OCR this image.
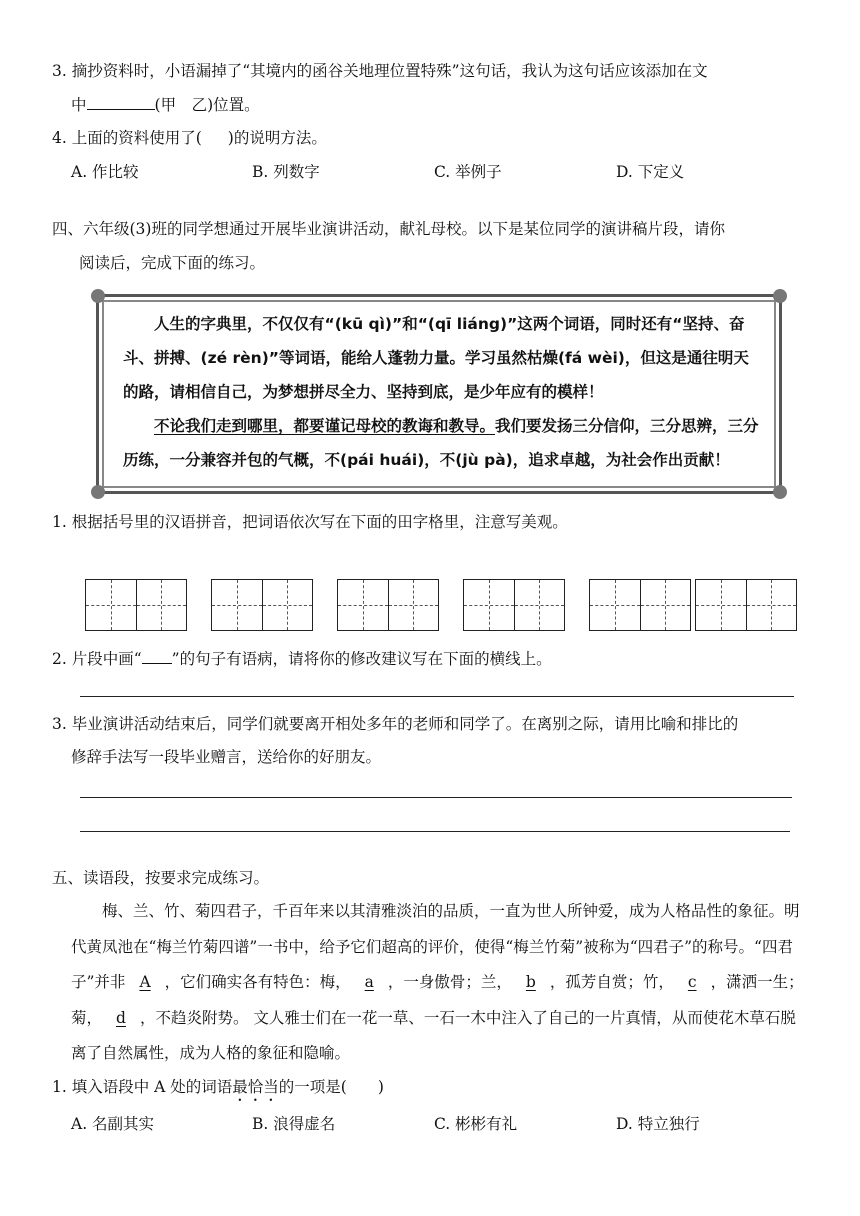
3. 摘抄资料时，小语漏掉了“其境内的函谷关地理位置特殊”这句话，我认为这句话应该添加在文
中	(甲　乙)位置。
4. 上面的资料使用了( )的说明方法。
A. 作比较	B. 列数字	C. 举例子	D. 下定义
四、六年级(3)班的同学想通过开展毕业演讲活动，献礼母校。以下是某位同学的演讲稿片段，请你
阅读后，完成下面的练习。

人生的字典里，不仅仅有“(kū qì)”和“(qī liáng)”这两个词语，同时还有“坚持、奋斗、拼搏、(zé rèn)”等词语，能给人蓬勃力量。学习虽然枯燥(fá wèi)，但这是通往明天的路，请相信自己，为梦想拼尽全力、坚持到底，是少年应有的模样！

不论我们走到哪里，都要谨记母校的教诲和教导。我们要发扬三分信仰，三分思辨，三分历练，一分兼容并包的气概，不(pái huái)，不(jù pà)，追求卓越，为社会作出贡献！

1. 根据括号里的汉语拼音，把词语依次写在下面的田字格里，注意写美观。
2. 片段中画“ ”的句子有语病，请将你的修改建议写在下面的横线上。
3. 毕业演讲活动结束后，同学们就要离开相处多年的老师和同学了。在离别之际，请用比喻和排比的
修辞手法写一段毕业赠言，送给你的好朋友。
五、读语段，按要求完成练习。
梅、兰、竹、菊四君子，千百年来以其清雅淡泊的品质，一直为世人所钟爱，成为人格品性的象征。明代黄凤池在“梅兰竹菊四谱”一书中，给予它们超高的评价，使得“梅兰竹菊”被称为“四君子”的称号。“四君子”并非 A ，它们确实各有特色：梅， a ，一身傲骨；兰， b ，孤芳自赏；竹， c ，潇洒一生；菊， d ，不趋炎附势。 文人雅士们在一花一草、一石一木中注入了自己的一片真情，从而使花木草石脱离了自然属性，成为人格的象征和隐喻。
1. 填入语段中 A 处的词语最恰当的一项是(　　)
A. 名副其实	B. 浪得虚名	C. 彬彬有礼	D. 特立独行
